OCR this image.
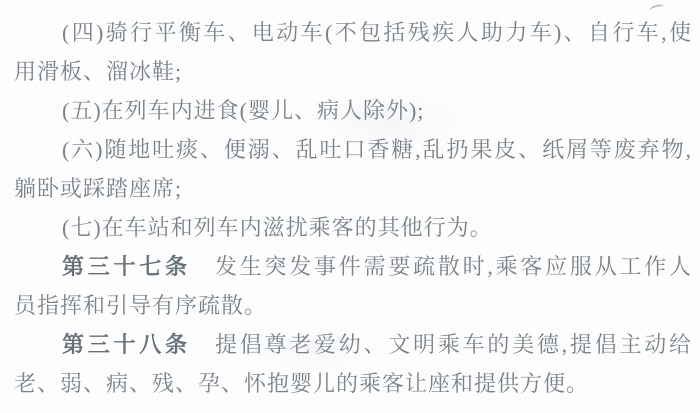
(四)骑行平衡车、电动车(不包括残疾人助力车)、自行车,使
用滑板、溜冰鞋;

(五)在列车内进食(婴儿、病人除外);

(六)随地吐痰、便溺、乱吐口香糖,乱扔果皮、纸屑等废弃物,
躺卧或踩踏座席;

(七)在车站和列车内滋扰乘客的其他行为。

第三十七条 发生突发事件需要疏散时,乘客应服从工作人
员指挥和引导有序疏散。

第三十八条 提倡尊老爱幼、文明乘车的美德,提倡主动给
老、弱、病、残、孕、怀抱婴儿的乘客让座和提供方便。
